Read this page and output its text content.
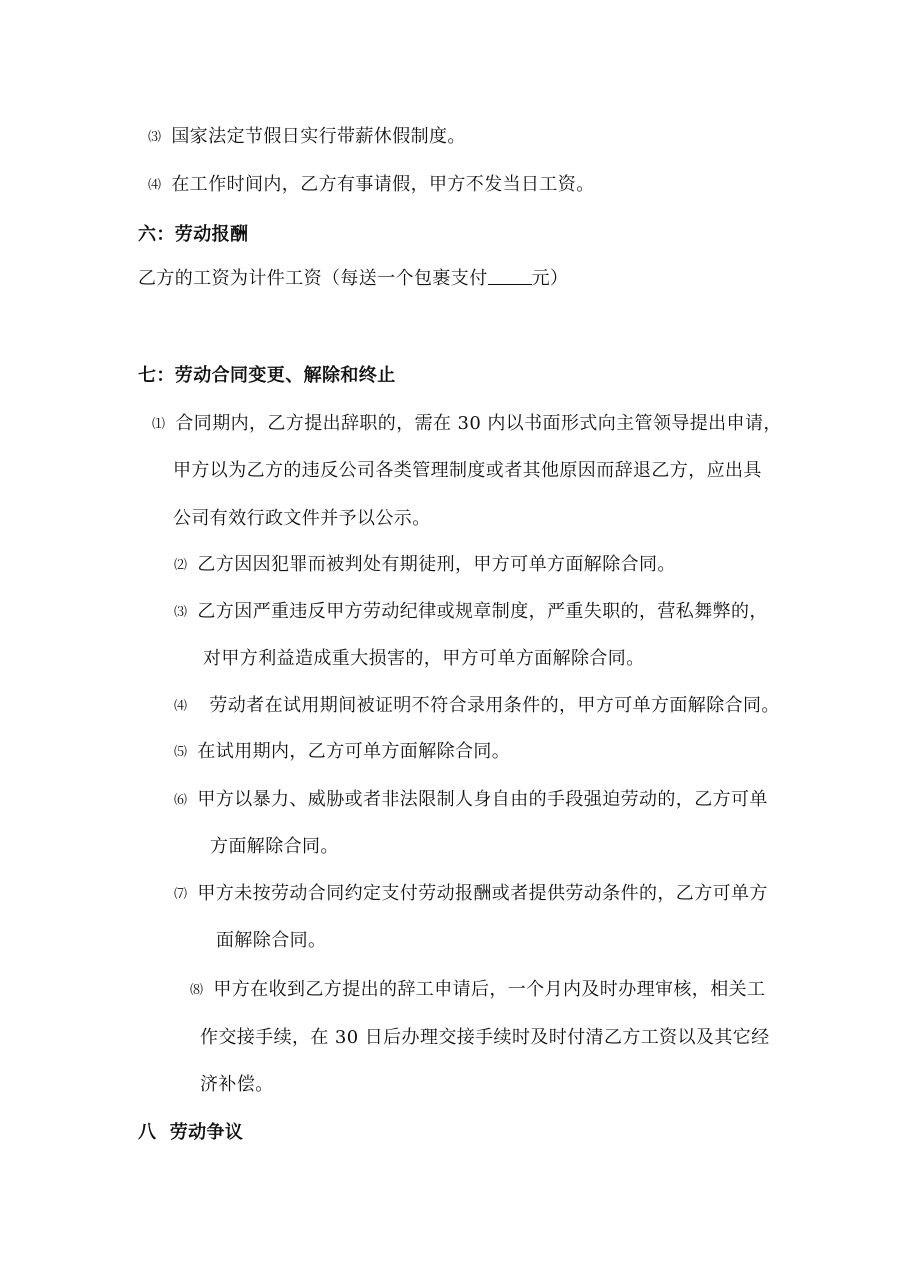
⑶ 国家法定节假日实行带薪休假制度。
⑷ 在工作时间内，乙方有事请假，甲方不发当日工资。
六：劳动报酬
乙方的工资为计件工资（每送一个包裹支付 元）
七：劳动合同变更、解除和终止
⑴ 合同期内，乙方提出辞职的，需在 30 内以书面形式向主管领导提出申请，
甲方以为乙方的违反公司各类管理制度或者其他原因而辞退乙方，应出具
公司有效行政文件并予以公示。
⑵ 乙方因因犯罪而被判处有期徒刑，甲方可单方面解除合同。
⑶ 乙方因严重违反甲方劳动纪律或规章制度，严重失职的，营私舞弊的，
对甲方利益造成重大损害的，甲方可单方面解除合同。
⑷ 劳动者在试用期间被证明不符合录用条件的，甲方可单方面解除合同。
⑸ 在试用期内，乙方可单方面解除合同。
⑹ 甲方以暴力、威胁或者非法限制人身自由的手段强迫劳动的，乙方可单
方面解除合同。
⑺ 甲方未按劳动合同约定支付劳动报酬或者提供劳动条件的，乙方可单方
面解除合同。
⑻ 甲方在收到乙方提出的辞工申请后，一个月内及时办理审核，相关工
作交接手续，在 30 日后办理交接手续时及时付清乙方工资以及其它经
济补偿。
八  劳动争议
